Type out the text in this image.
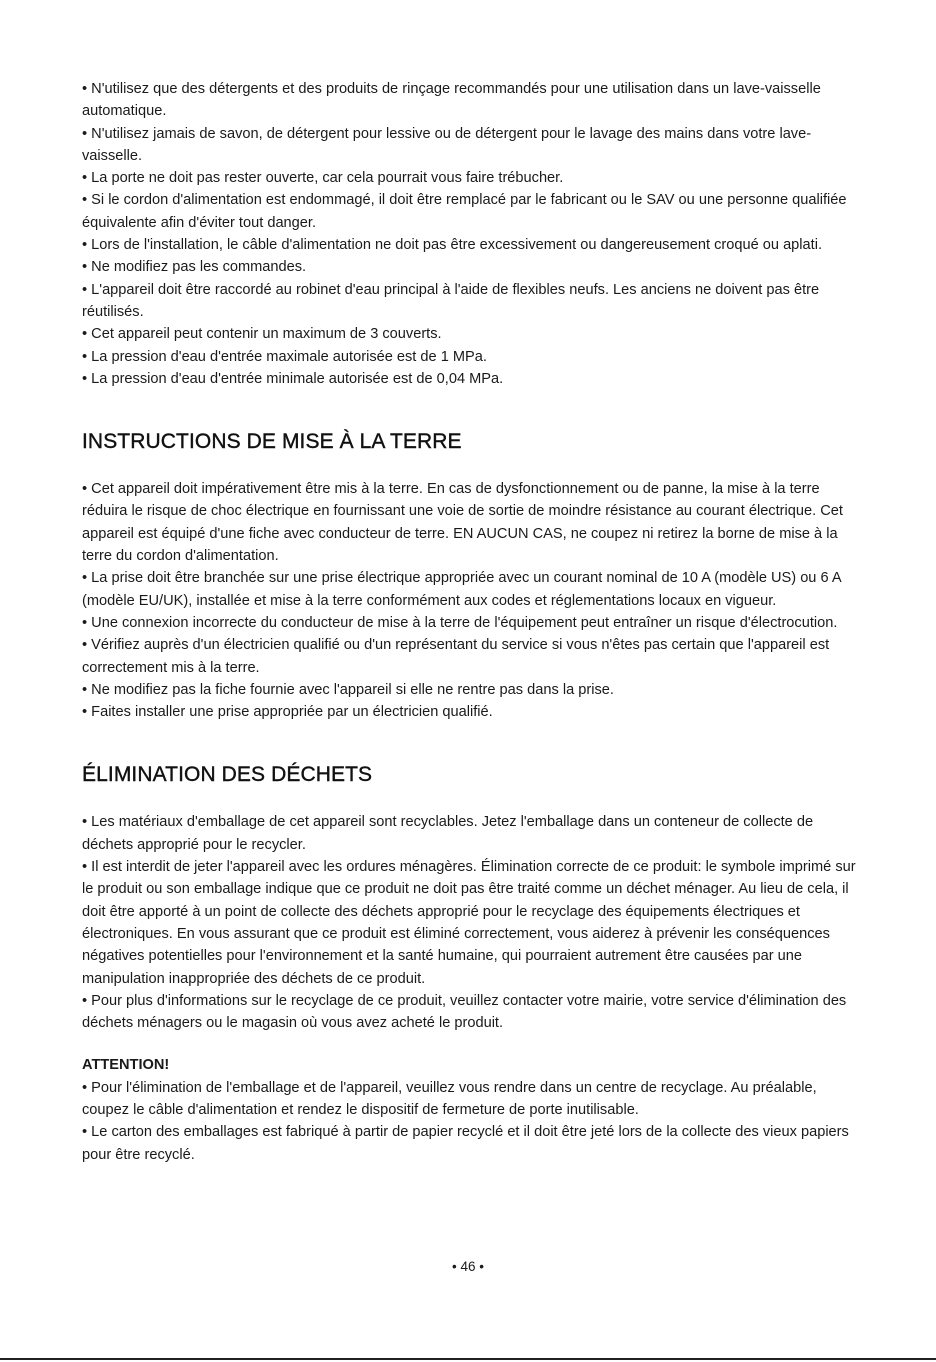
• N'utilisez que des détergents et des produits de rinçage recommandés pour une utilisation dans un lave-vaisselle automatique.

• N'utilisez jamais de savon, de détergent pour lessive ou de détergent pour le lavage des mains dans votre lave-vaisselle.

• La porte ne doit pas rester ouverte, car cela pourrait vous faire trébucher.

• Si le cordon d'alimentation est endommagé, il doit être remplacé par le fabricant ou le SAV ou une personne qualifiée équivalente afin d'éviter tout danger.

• Lors de l'installation, le câble d'alimentation ne doit pas être excessivement ou dangereusement croqué ou aplati.

• Ne modifiez pas les commandes.

• L'appareil doit être raccordé au robinet d'eau principal à l'aide de flexibles neufs. Les anciens ne doivent pas être réutilisés.

• Cet appareil peut contenir un maximum de 3 couverts.

• La pression d'eau d'entrée maximale autorisée est de 1 MPa.

• La pression d'eau d'entrée minimale autorisée est de 0,04 MPa.

INSTRUCTIONS DE MISE À LA TERRE

• Cet appareil doit impérativement être mis à la terre. En cas de dysfonctionnement ou de panne, la mise à la terre réduira le risque de choc électrique en fournissant une voie de sortie de moindre résistance au courant électrique. Cet appareil est équipé d'une fiche avec conducteur de terre. EN AUCUN CAS, ne coupez ni retirez la borne de mise à la terre du cordon d'alimentation.

• La prise doit être branchée sur une prise électrique appropriée avec un courant nominal de 10 A (modèle US) ou 6 A (modèle EU/UK), installée et mise à la terre conformément aux codes et réglementations locaux en vigueur.

• Une connexion incorrecte du conducteur de mise à la terre de l'équipement peut entraîner un risque d'électrocution.

• Vérifiez auprès d'un électricien qualifié ou d'un représentant du service si vous n'êtes pas certain que l'appareil est correctement mis à la terre.

• Ne modifiez pas la fiche fournie avec l'appareil si elle ne rentre pas dans la prise.

• Faites installer une prise appropriée par un électricien qualifié.

ÉLIMINATION DES DÉCHETS

• Les matériaux d'emballage de cet appareil sont recyclables. Jetez l'emballage dans un conteneur de collecte de déchets approprié pour le recycler.

• Il est interdit de jeter l'appareil avec les ordures ménagères. Élimination correcte de ce produit: le symbole imprimé sur le produit ou son emballage indique que ce produit ne doit pas être traité comme un déchet ménager. Au lieu de cela, il doit être apporté à un point de collecte des déchets approprié pour le recyclage des équipements électriques et électroniques. En vous assurant que ce produit est éliminé correctement, vous aiderez à prévenir les conséquences négatives potentielles pour l'environnement et la santé humaine, qui pourraient autrement être causées par une manipulation inappropriée des déchets de ce produit.

• Pour plus d'informations sur le recyclage de ce produit, veuillez contacter votre mairie, votre service d'élimination des déchets ménagers ou le magasin où vous avez acheté le produit.

ATTENTION!

• Pour l'élimination de l'emballage et de l'appareil, veuillez vous rendre dans un centre de recyclage. Au préalable, coupez le câble d'alimentation et rendez le dispositif de fermeture de porte inutilisable.

• Le carton des emballages est fabriqué à partir de papier recyclé et il doit être jeté lors de la collecte des vieux papiers pour être recyclé.

• 46 •
